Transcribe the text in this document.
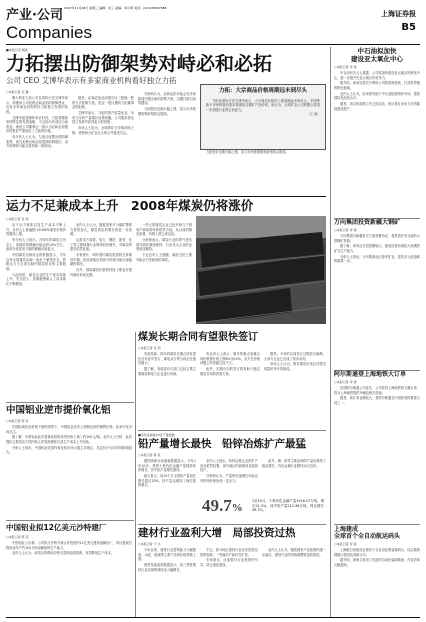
2007年11月28日 星期三 编辑：张三 美编：李小明 电话：(021)38967888
产业·公司
Companies
上海证券报
B5
中石油拟加快
建设亚太氧化中心
○本报记者 李 锋

中石油有关人士透露，公司将加快建设亚太地区的炼化中心，进一步提升在亚太地区的竞争力。

据介绍，该项目将充分利用公司的资源优势，打造世界级的炼化基地。

业内人士认为，此举将有助于中石油拓展海外市场，提高国际化经营水平。

据悉，项目的前期工作已经启动，预计将在未来几年内陆续建成投产。

万向集团投资新疆大钢矿
○本报记者 李 锋

万向集团与新疆有关方面签署协议，将投资开发当地的大型钢矿资源。

据了解，该项目总投资额较大，建成后将形成较大规模的矿石生产能力。

分析人士指出，万向集团此次进军矿业，是其多元化战略的重要一步。

阿尔斯通登上海地铁大订单
○本报记者 李 锋

法国阿尔斯通公司宣布，公司获得上海地铁的大额订单，将为上海地铁提供车辆及相关设备。

据悉，该订单金额较大，是阿尔斯通在中国获得的重要合同之一。

上海建成
全球首个全自动航运码头
○本报记者 李 锋

上海港日前建成全球首个全自动化集装箱码头，标志着我国港口建设达到新水平。

据介绍，该码头采用了先进的自动化装卸系统，作业效率大幅提高。

■本报记者 调查
力拓摆出防御架势对峙必和必拓
公司 CEO 艾博华表示有多家商业机构看好独立力拓
○本报记者 应 鑫

澳大利亚力拓公司首席执行官艾博华表示，即便该公司拒绝必和必拓的收购建议，也有多家商业机构看好力拓独立发展的前景。

艾博华接受媒体采访时说，力拓将继续坚持既定的发展战略，不会因为外部压力而改变。他说公司董事会一致认为必和必拓提出的报价严重低估了力拓的价值。

有分析人士认为，力拓目前摆出的防御架势，意在迫使必和必拓提高收购报价，双方的博弈可能还将持续一段时间。

据悉，必和必拓此前提出以三股换一股的方式收购力拓，但这一提议遭到力拓董事会的拒绝。

艾博华表示，力拓的资产质量优良，未来几年的产量增长前景明确，公司股东将从独立发展中获得更大的回报。

市场人士指出，全球铁矿石价格持续上涨，使得两大矿业巨头的合并备受关注。

分析师认为，必和必拓可能会在未来数周内提出新的收购方案，以期打破目前的僵局。

力拓股价近期大幅上涨，显示市场预期收购价格将会提高。

力拓：大宗商品价格周期远未到尽头
力拓首席执行官艾博华表示，大宗商品价格的上涨周期远未到尽头，中国等新兴市场的强劲需求将继续支撑矿产品价格。他认为，全球矿业公司的整合将进一步加强行业的定价能力。
（王 锦）

力拓股价近期大幅上涨，显示市场预期收购价格将会提高。

运力不足兼成本上升　2008年煤炭仍将涨价
○本报记者 张 利

由于运力紧张以及生产成本不断上升，业内人士普遍预计2008年煤炭价格仍将继续上涨。

有分析人士指出，在明年的煤炭订货会上，电煤价格涨幅可能达到10%左右，而部分优质动力煤的涨幅可能更大。

中国煤炭运销协会的数据显示，今年以来全国煤炭运输一直处于紧张状态，铁路运力不足成为制约煤炭供应的主要瓶颈。

与此同时，煤炭企业的生产成本持续上升，安全投入、资源税费和人工成本都在不断增加。

业内人士认为，随着国家对小煤矿整顿力度的加大，煤炭供应的增长将进一步放缓。

从需求方面看，电力、钢铁、建材、化工等主要耗煤行业保持较快增长，对煤炭的需求依然旺盛。

专家预计，明年国内煤炭供需将总体保持平衡，但局部地区和部分时段可能出现偏紧的情况。

另外，国际煤炭价格的持续上涨也对国内煤价形成支撑。

一些大型煤炭企业已经开始与下游用户商谈明年的供货合同，从目前的情况来看，价格上涨已成定局。

分析师表示，煤炭行业的景气度有望在明年继续维持，行业龙头企业的业绩值得期待。

不过也有人士提醒，煤价过快上涨可能会引发政府的调控。

煤炭长期合同有望狠快签订
○本报记者 张 利

有消息称，明年的煤炭长期合同有望比往年更早签订，煤电双方的分歧正在逐步缩小。

据了解，发改委有关部门已经召集主要煤炭和电力企业进行协商。

有业内人士表示，明年的重点电煤合同价格预计将上涨8%至10%，双方在价格问题上的差距已经不大。

此外，长期合同的签订将有助于稳定煤炭市场的供需关系。

据悉，今年的合同签订过程较为顺利，大部分企业已完成了初步谈判。

市场人士认为，明年煤炭市场总体将呈现量价齐升的格局。

中国铝业逆市提价氧化铝
○本报记者 陈 其

在国际氧化铝价格下跌的背景下，中国铝业宣布上调氧化铝的销售价格，此举引发市场关注。

据了解，中国铝业此次将氧化铝的现货价格上调了约100元/吨。业内人士分析，此次提价主要是由于国内铝土矿资源紧张以及生产成本上升所致。

分析人士指出，中国铝业在国内氧化铝市场占据主导地位，其定价行为对市场影响较大。

中国铝业拟12亿美元沙特建厂
○本报记者 陈 其

中国铝业公告称，公司拟与沙特方面合作投资约12亿美元建设电解铝厂，项目建成后将形成年产约100万吨电解铝的生产能力。

业内人士认为，该项目将利用沙特丰富的能源资源，有效降低生产成本。

■有色金属前10月产量数据
铅产量增长最快　铅锌冶炼扩产最猛
○本报记者 陈 其

据国家统计局最新数据显示，今年1至10月，我国十种有色金属产量保持较快增长，其中铅产量增长最快。

统计显示，前10个月全国铅产量同比增长超过20%，锌产量也保持了两位数的增长。

业内人士指出，铅锌冶炼企业的扩产冲动依然较强，部分地区的新建项目陆续投产。

分析师认为，产量的快速增长可能会对铅锌价格形成一定压力。

此外，铜、铝等主要品种的产量也保持了稳定增长，有色金属行业整体运行良好。

49.7%
1至10月，十种有色金属产量1916.07万吨，增长21.5%，其中铅产量212.96万吨，同比增长49.7%。
建材行业盈利大增　局部投资过热
○本报记者 于 兵

今年以来，建材行业盈利能力大幅提高，水泥、玻璃等主要产品的价格持续上涨。

国家发改委的数据显示，前三季度建材行业实现利润同比大幅增长。

不过，部分地区建材行业存在投资过热的现象，一些落后产能仍在扩张。

专家建议，应加强对行业投资的引导，防止重复建设。

业内人士认为，随着国家产业政策的进一步落实，建材行业的结构调整将加快推进。
